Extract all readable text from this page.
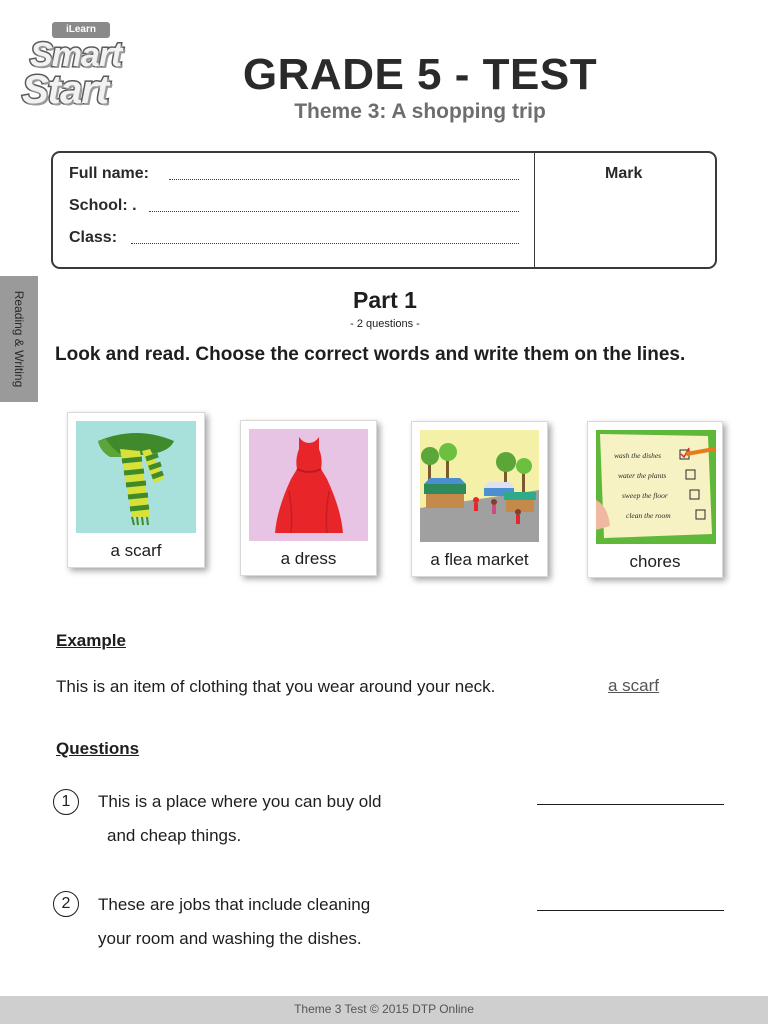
iLearn
Smart
Start	GRADE 5 - TEST
Theme 3: A shopping trip
Full name:
School: .
Class:
Mark
Reading & Writing	Part 1
- 2 questions -
Look and read. Choose the correct words and write them on the lines.
a scarf	a dress	a flea market
wash the dishes
water the plants
sweep the floor
clean the room
chores
Example
This is an item of clothing that you wear around your neck.	a scarf
Questions
1	This is a place where you can buy old
and cheap things.
2	These are jobs that include cleaning
your room and washing the dishes.
Theme 3 Test © 2015 DTP Online
